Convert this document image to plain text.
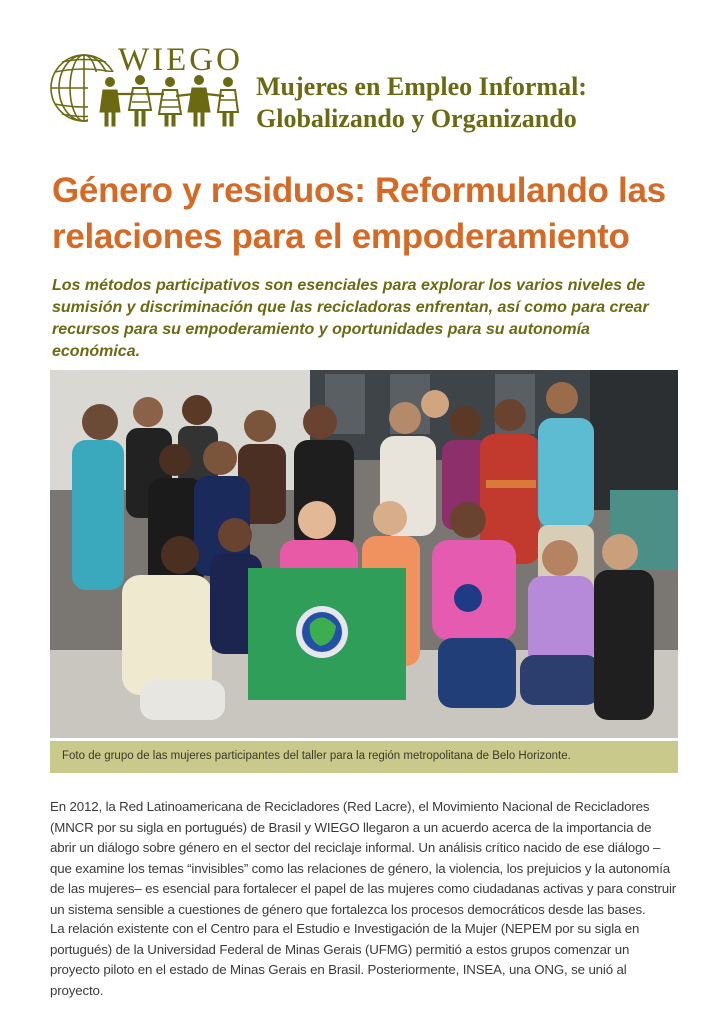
WIEGO
Mujeres en Empleo Informal:
Globalizando y Organizando
Género y residuos: Reformulando las
relaciones para el empoderamiento
Los métodos participativos son esenciales para explorar los varios niveles de sumisión y discriminación que las recicladoras enfrentan, así como para crear recursos para su empoderamiento y oportunidades para su autonomía económica.
Foto de grupo de las mujeres participantes del taller para la región metropolitana de Belo Horizonte.
En 2012, la Red Latinoamericana de Recicladores (Red Lacre), el Movimiento Nacional de Recicladores (MNCR por su sigla en portugués) de Brasil y WIEGO llegaron a un acuerdo acerca de la importancia de abrir un diálogo sobre género en el sector del reciclaje informal. Un análisis crítico nacido de ese diálogo –que examine los temas “invisibles” como las relaciones de género, la violencia, los prejuicios y la autonomía de las mujeres– es esencial para fortalecer el papel de las mujeres como ciudadanas activas y para construir un sistema sensible a cuestiones de género que fortalezca los procesos democráticos desde las bases.
La relación existente con el Centro para el Estudio e Investigación de la Mujer (NEPEM por su sigla en portugués) de la Universidad Federal de Minas Gerais (UFMG) permitió a estos grupos comenzar un proyecto piloto en el estado de Minas Gerais en Brasil. Posteriormente, INSEA, una ONG, se unió al proyecto.
